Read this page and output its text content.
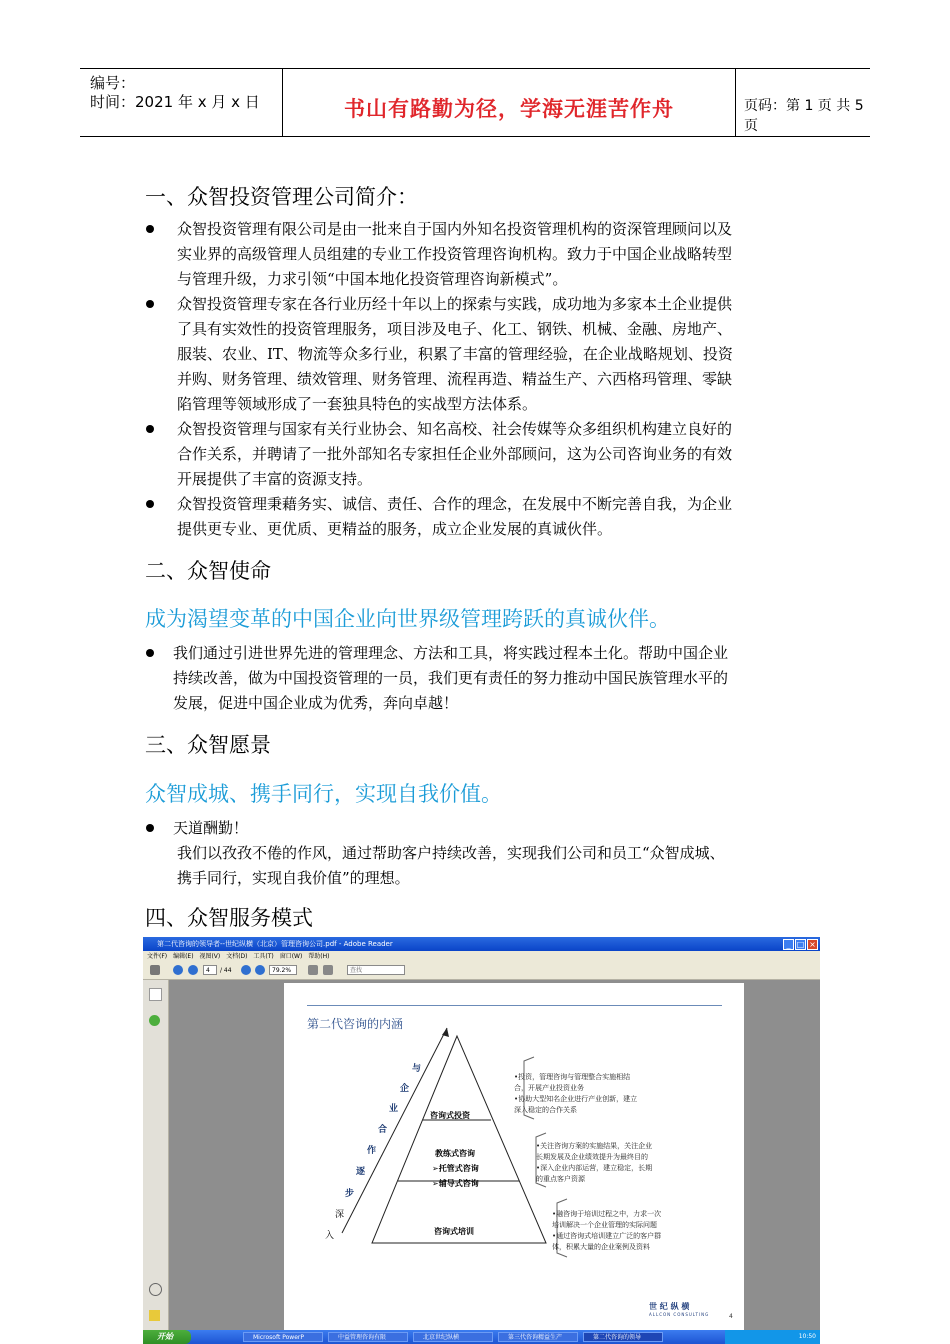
编号：
时间：2021 年 x 月 x 日	书山有路勤为径，学海无涯苦作舟	页码：第 1 页 共 5 页
一、众智投资管理公司简介：
众智投资管理有限公司是由一批来自于国内外知名投资管理机构的资深管理顾问以及
实业界的高级管理人员组建的专业工作投资管理咨询机构。致力于中国企业战略转型
与管理升级，力求引领“中国本地化投资管理咨询新模式”。
众智投资管理专家在各行业历经十年以上的探索与实践，成功地为多家本土企业提供
了具有实效性的投资管理服务，项目涉及电子、化工、钢铁、机械、金融、房地产、
服装、农业、IT、物流等众多行业，积累了丰富的管理经验，在企业战略规划、投资
并购、财务管理、绩效管理、财务管理、流程再造、精益生产、六西格玛管理、零缺
陷管理等领域形成了一套独具特色的实战型方法体系。
众智投资管理与国家有关行业协会、知名高校、社会传媒等众多组织机构建立良好的
合作关系，并聘请了一批外部知名专家担任企业外部顾问，这为公司咨询业务的有效
开展提供了丰富的资源支持。
众智投资管理秉藉务实、诚信、责任、合作的理念，在发展中不断完善自我，为企业
提供更专业、更优质、更精益的服务，成立企业发展的真诚伙伴。
二、众智使命
成为渴望变革的中国企业向世界级管理跨跃的真诚伙伴。
我们通过引进世界先进的管理理念、方法和工具，将实践过程本土化。帮助中国企业
持续改善，做为中国投资管理的一员，我们更有责任的努力推动中国民族管理水平的
发展，促进中国企业成为优秀，奔向卓越！
三、众智愿景
众智成城、携手同行，实现自我价值。
天道酬勤！
我们以孜孜不倦的作风，通过帮助客户持续改善，实现我们公司和员工“众智成城、
携手同行，实现自我价值”的理想。
四、众智服务模式
第二代咨询的领导者--世纪纵横（北京）管理咨询公司.pdf - Adobe Reader	_ □ ×
文件(F) 编辑(E) 视图(V) 文档(D) 工具(T) 窗口(W) 帮助(H)
4	/ 44	79.2%	查找
第二代咨询的内涵
与
企
业
合
作
逐
步
深
入
咨询式投资
教练式咨询
➢托管式咨询
➢辅导式咨询
咨询式培训
•投资，管理咨询与管理整合实施相结
合，开展产业投资业务
•协助大型知名企业进行产业创新，建立
深入稳定的合作关系
•关注咨询方案的实施结果，关注企业
长期发展及企业绩效提升为最终目的
•深入企业内部运营，建立稳定，长期
的重点客户资源
•融咨询于培训过程之中，力求一次
培训解决一个企业管理的实际问题
•通过咨询式培训建立广泛的客户群
体，积累大量的企业案例及资料
世 纪 纵 横
ALLCON CONSULTING	4
开始	Microsoft PowerP	中益管理咨询有限	北京世纪纵横	第三代咨询精益生产	第二代咨询的领导	10:50
